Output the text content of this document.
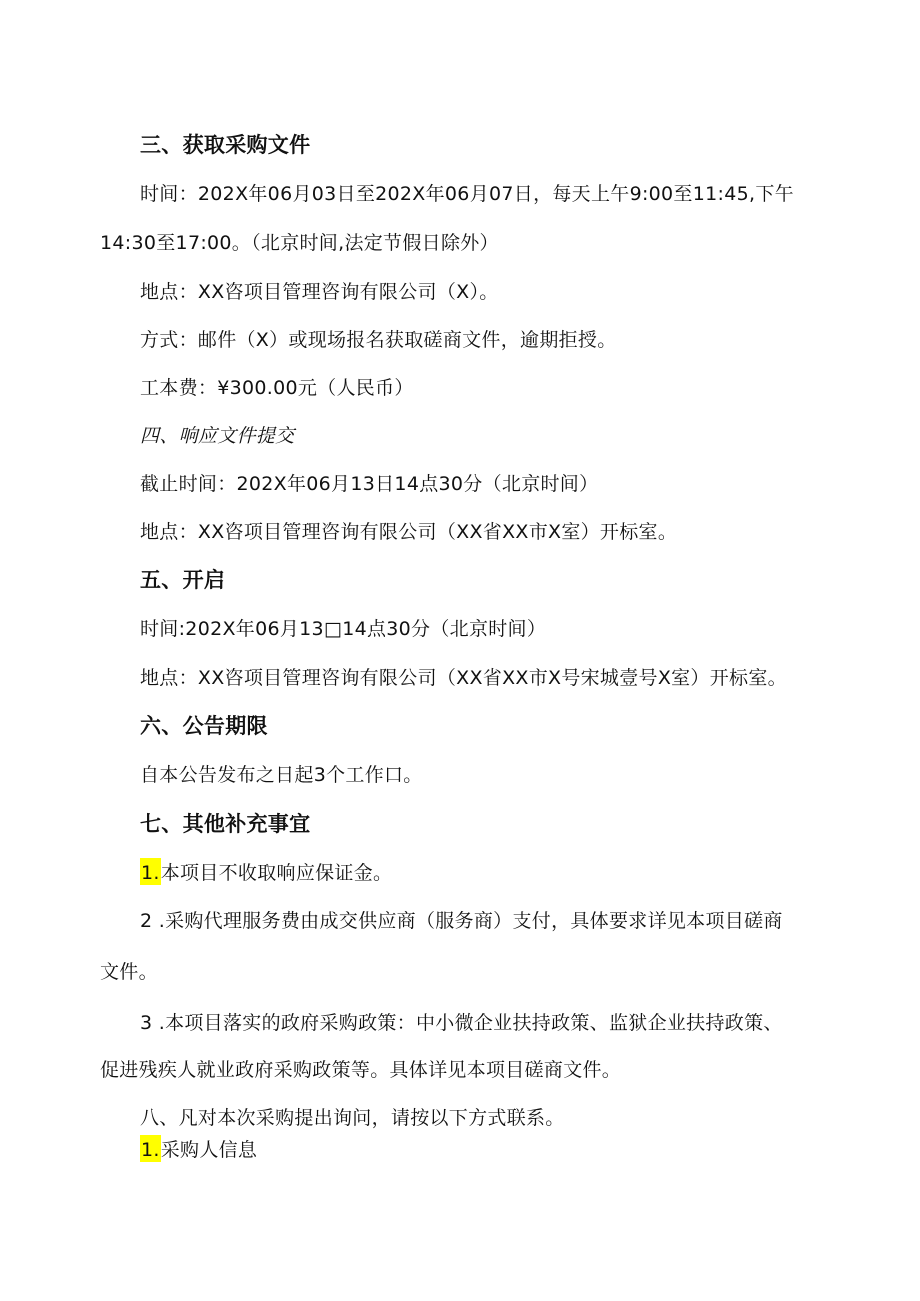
三、获取采购文件
时间：202X年06月03日至202X年06月07日，每天上午9:00至11:45,下午
14:30至17:00。（北京时间,法定节假日除外）
地点：XX咨项目管理咨询有限公司（X）。
方式：邮件（X）或现场报名获取磋商文件，逾期拒授。
工本费：¥300.00元（人民币）
四、响应文件提交
截止时间：202X年06月13日14点30分（北京时间）
地点：XX咨项目管理咨询有限公司（XX省XX市X室）开标室。
五、开启
时间:202X年06月13□14点30分（北京时间）
地点：XX咨项目管理咨询有限公司（XX省XX市X号宋城壹号X室）开标室。
六、公告期限
自本公告发布之日起3个工作口。
七、其他补充事宜
1.本项目不收取响应保证金。
2 .采购代理服务费由成交供应商（服务商）支付，具体要求详见本项目磋商
文件。
3 .本项目落实的政府采购政策：中小微企业扶持政策、监狱企业扶持政策、
促进残疾人就业政府采购政策等。具体详见本项目磋商文件。
八、凡对本次采购提出询问，请按以下方式联系。
1.采购人信息
